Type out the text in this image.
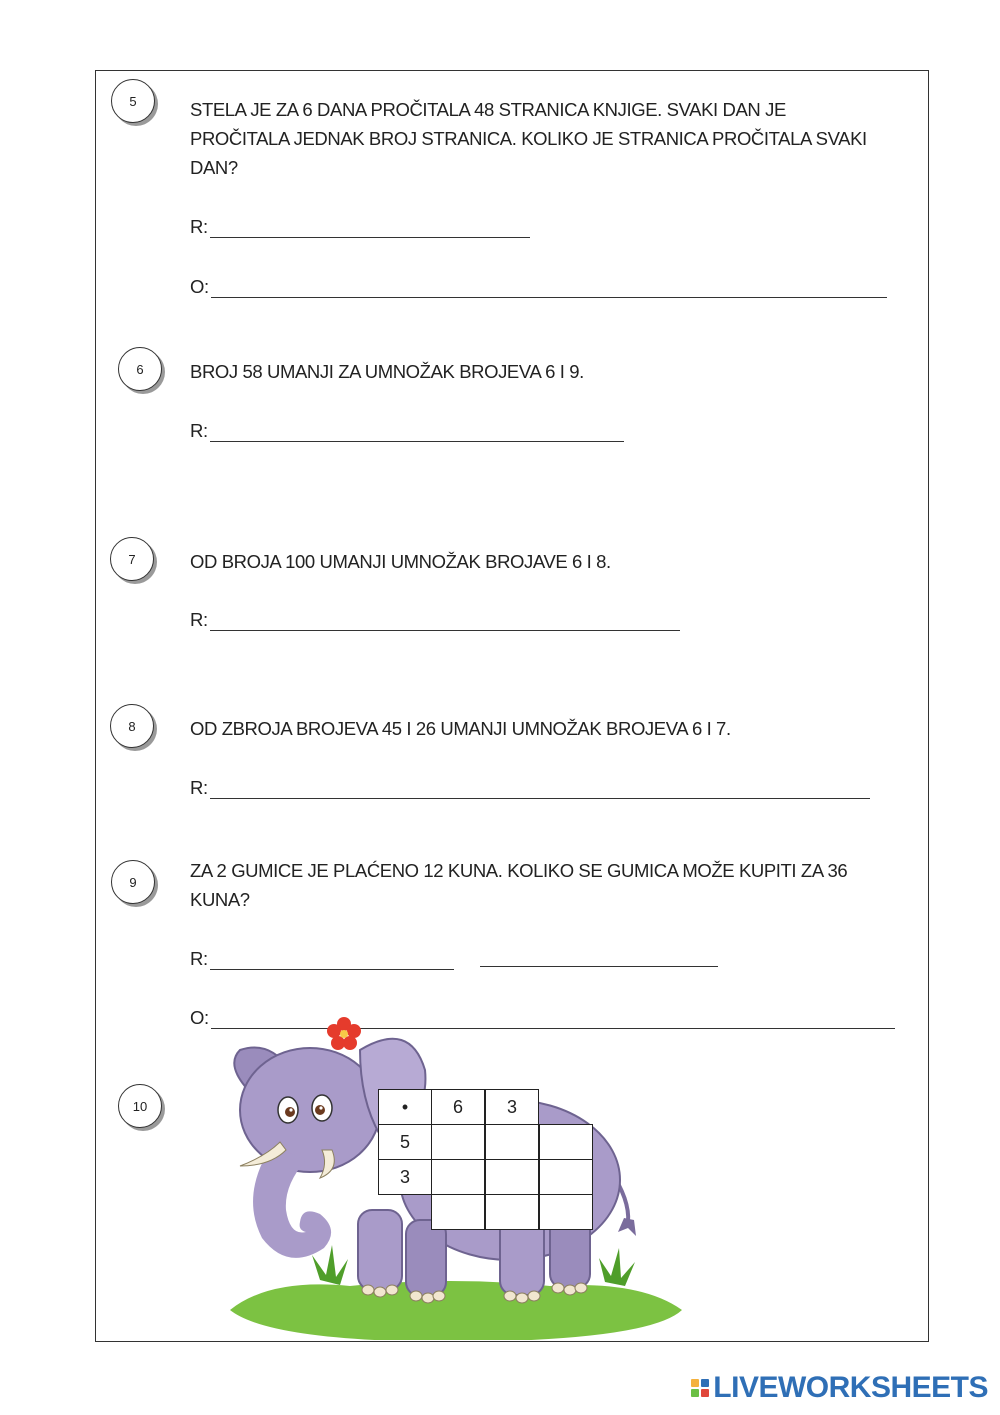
5	STELA JE ZA 6 DANA PROČITALA 48 STRANICA KNJIGE. SVAKI DAN JE
PROČITALA JEDNAK BROJ STRANICA. KOLIKO JE STRANICA PROČITALA SVAKI
DAN?

R:
O:
6	BROJ 58 UMANJI ZA UMNOŽAK BROJEVA 6 I 9.

R:
7	OD BROJA 100 UMANJI UMNOŽAK BROJAVE 6 I 8.

R:
8	OD ZBROJA BROJEVA 45 I 26 UMANJI UMNOŽAK BROJEVA 6 I 7.

R:
9

ZA 2 GUMICE JE PLAĆENO 12 KUNA. KOLIKO SE GUMICA MOŽE KUPITI ZA 36
KUNA?

R:
O:
10	•	6	3
5
3
LIVEWORKSHEETS
